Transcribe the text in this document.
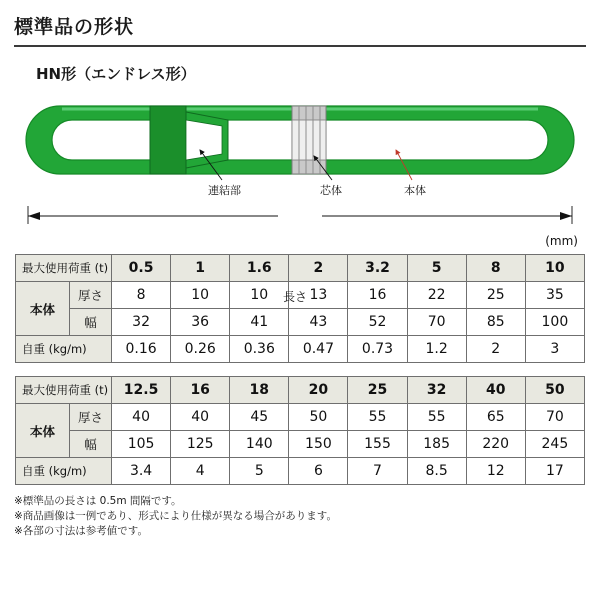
標準品の形状
HN形（エンドレス形）
連結部	芯体	本体
長さ
(mm)
最大使用荷重 (t)		0.5	1	1.6	2	3.2	5	8	10
本体	厚さ	8	10	10	13	16	22	25	35
	幅	32	36	41	43	52	70	85	100
自重 (kg/m)		0.16	0.26	0.36	0.47	0.73	1.2	2	3
最大使用荷重 (t)		12.5	16	18	20	25	32	40	50
本体	厚さ	40	40	45	50	55	55	65	70
	幅	105	125	140	150	155	185	220	245
自重 (kg/m)		3.4	4	5	6	7	8.5	12	17
※標準品の長さは 0.5m 間隔です。
※商品画像は一例であり、形式により仕様が異なる場合があります。
※各部の寸法は参考値です。
